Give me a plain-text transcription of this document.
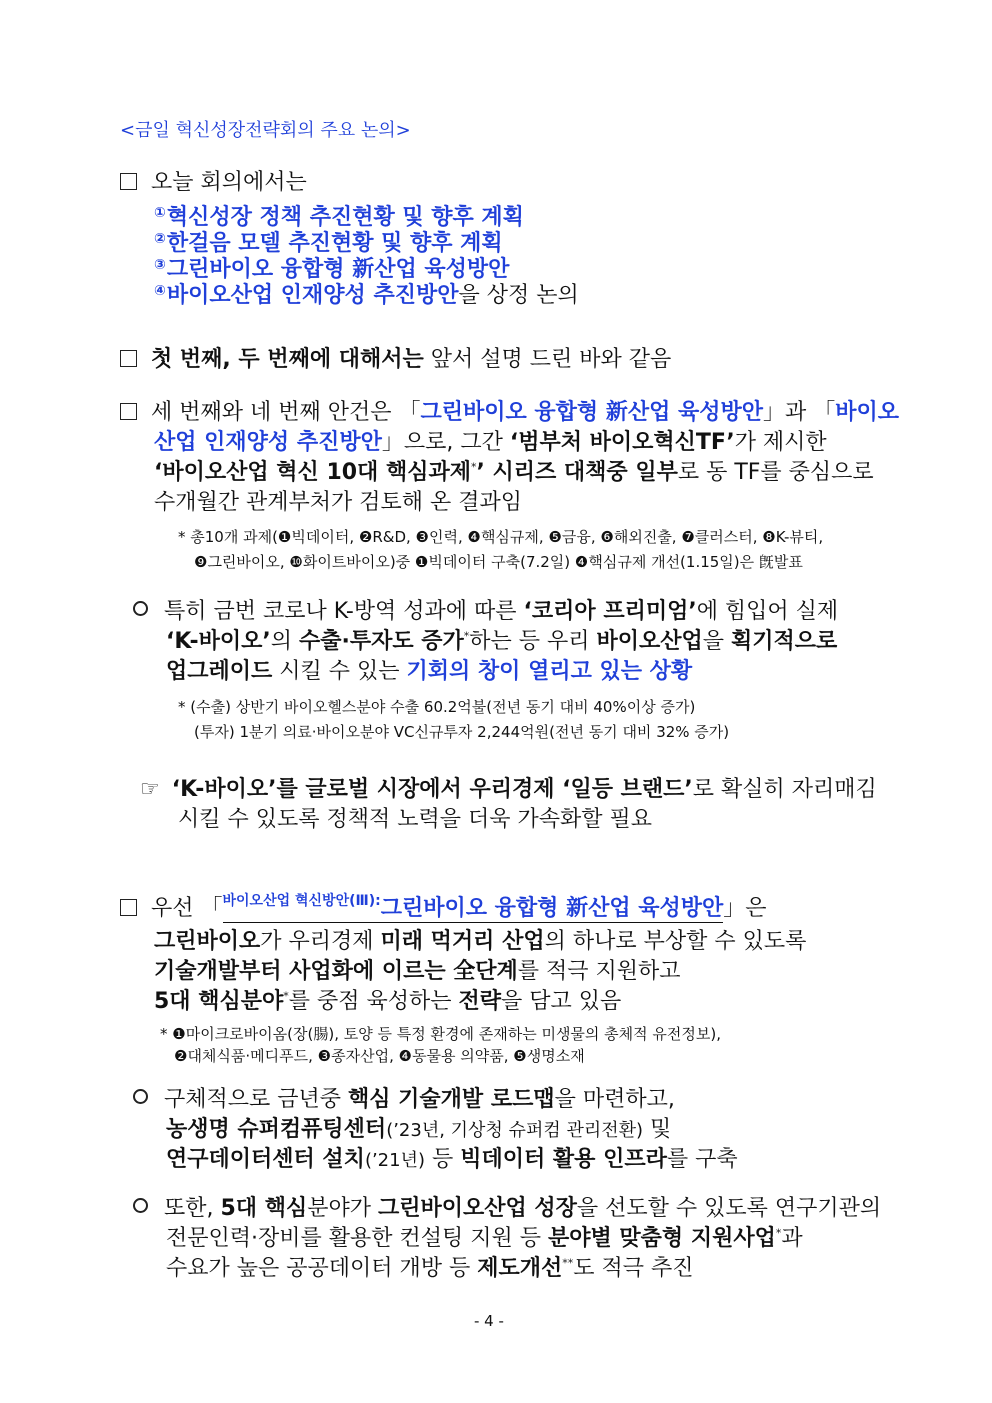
<금일 혁신성장전략회의 주요 논의>
오늘 회의에서는
①혁신성장 정책 추진현황 및 향후 계획
②한걸음 모델 추진현황 및 향후 계획
③그린바이오 융합형 新산업 육성방안
④바이오산업 인재양성 추진방안을 상정 논의
첫 번째, 두 번째에 대해서는 앞서 설명 드린 바와 같음
세 번째와 네 번째 안건은 「그린바이오 융합형 新산업 육성방안」과 「바이오
산업 인재양성 추진방안」으로, 그간 ‘범부처 바이오혁신TF’가 제시한
‘바이오산업 혁신 10대 핵심과제*’ 시리즈 대책중 일부로 동 TF를 중심으로
수개월간 관계부처가 검토해 온 결과임
* 총10개 과제(❶빅데이터, ❷R&D, ❸인력, ❹핵심규제, ❺금융, ❻해외진출, ❼클러스터, ❽K-뷰티,
❾그린바이오, ❿화이트바이오)중 ❶빅데이터 구축(7.2일) ❹핵심규제 개선(1.15일)은 旣발표
특히 금번 코로나 K-방역 성과에 따른 ‘코리아 프리미엄’에 힘입어 실제
‘K-바이오’의 수출·투자도 증가*하는 등 우리 바이오산업을 획기적으로
업그레이드 시킬 수 있는 기회의 창이 열리고 있는 상황
* (수출) 상반기 바이오헬스분야 수출 60.2억불(전년 동기 대비 40%이상 증가)
(투자) 1분기 의료·바이오분야 VC신규투자 2,244억원(전년 동기 대비 32% 증가)
☞ ‘K-바이오’를 글로벌 시장에서 우리경제 ‘일등 브랜드’로 확실히 자리매김
시킬 수 있도록 정책적 노력을 더욱 가속화할 필요
우선 「$^{바이오산업 혁신방안(Ⅲ):}$그린바이오 융합형 新산업 육성방안」은
그린바이오가 우리경제 미래 먹거리 산업의 하나로 부상할 수 있도록
기술개발부터 사업화에 이르는 全단계를 적극 지원하고
5대 핵심분야*를 중점 육성하는 전략을 담고 있음
* ❶마이크로바이옴(장(腸), 토양 등 특정 환경에 존재하는 미생물의 총체적 유전정보),
❷대체식품·메디푸드, ❸종자산업, ❹동물용 의약품, ❺생명소재
구체적으로 금년중 핵심 기술개발 로드맵을 마련하고,
농생명 슈퍼컴퓨팅센터(’23년, 기상청 슈퍼컴 관리전환) 및
연구데이터센터 설치(’21년) 등 빅데이터 활용 인프라를 구축
또한, 5대 핵심분야가 그린바이오산업 성장을 선도할 수 있도록 연구기관의
전문인력·장비를 활용한 컨설팅 지원 등 분야별 맞춤형 지원사업*과
수요가 높은 공공데이터 개방 등 제도개선**도 적극 추진
- 4 -
